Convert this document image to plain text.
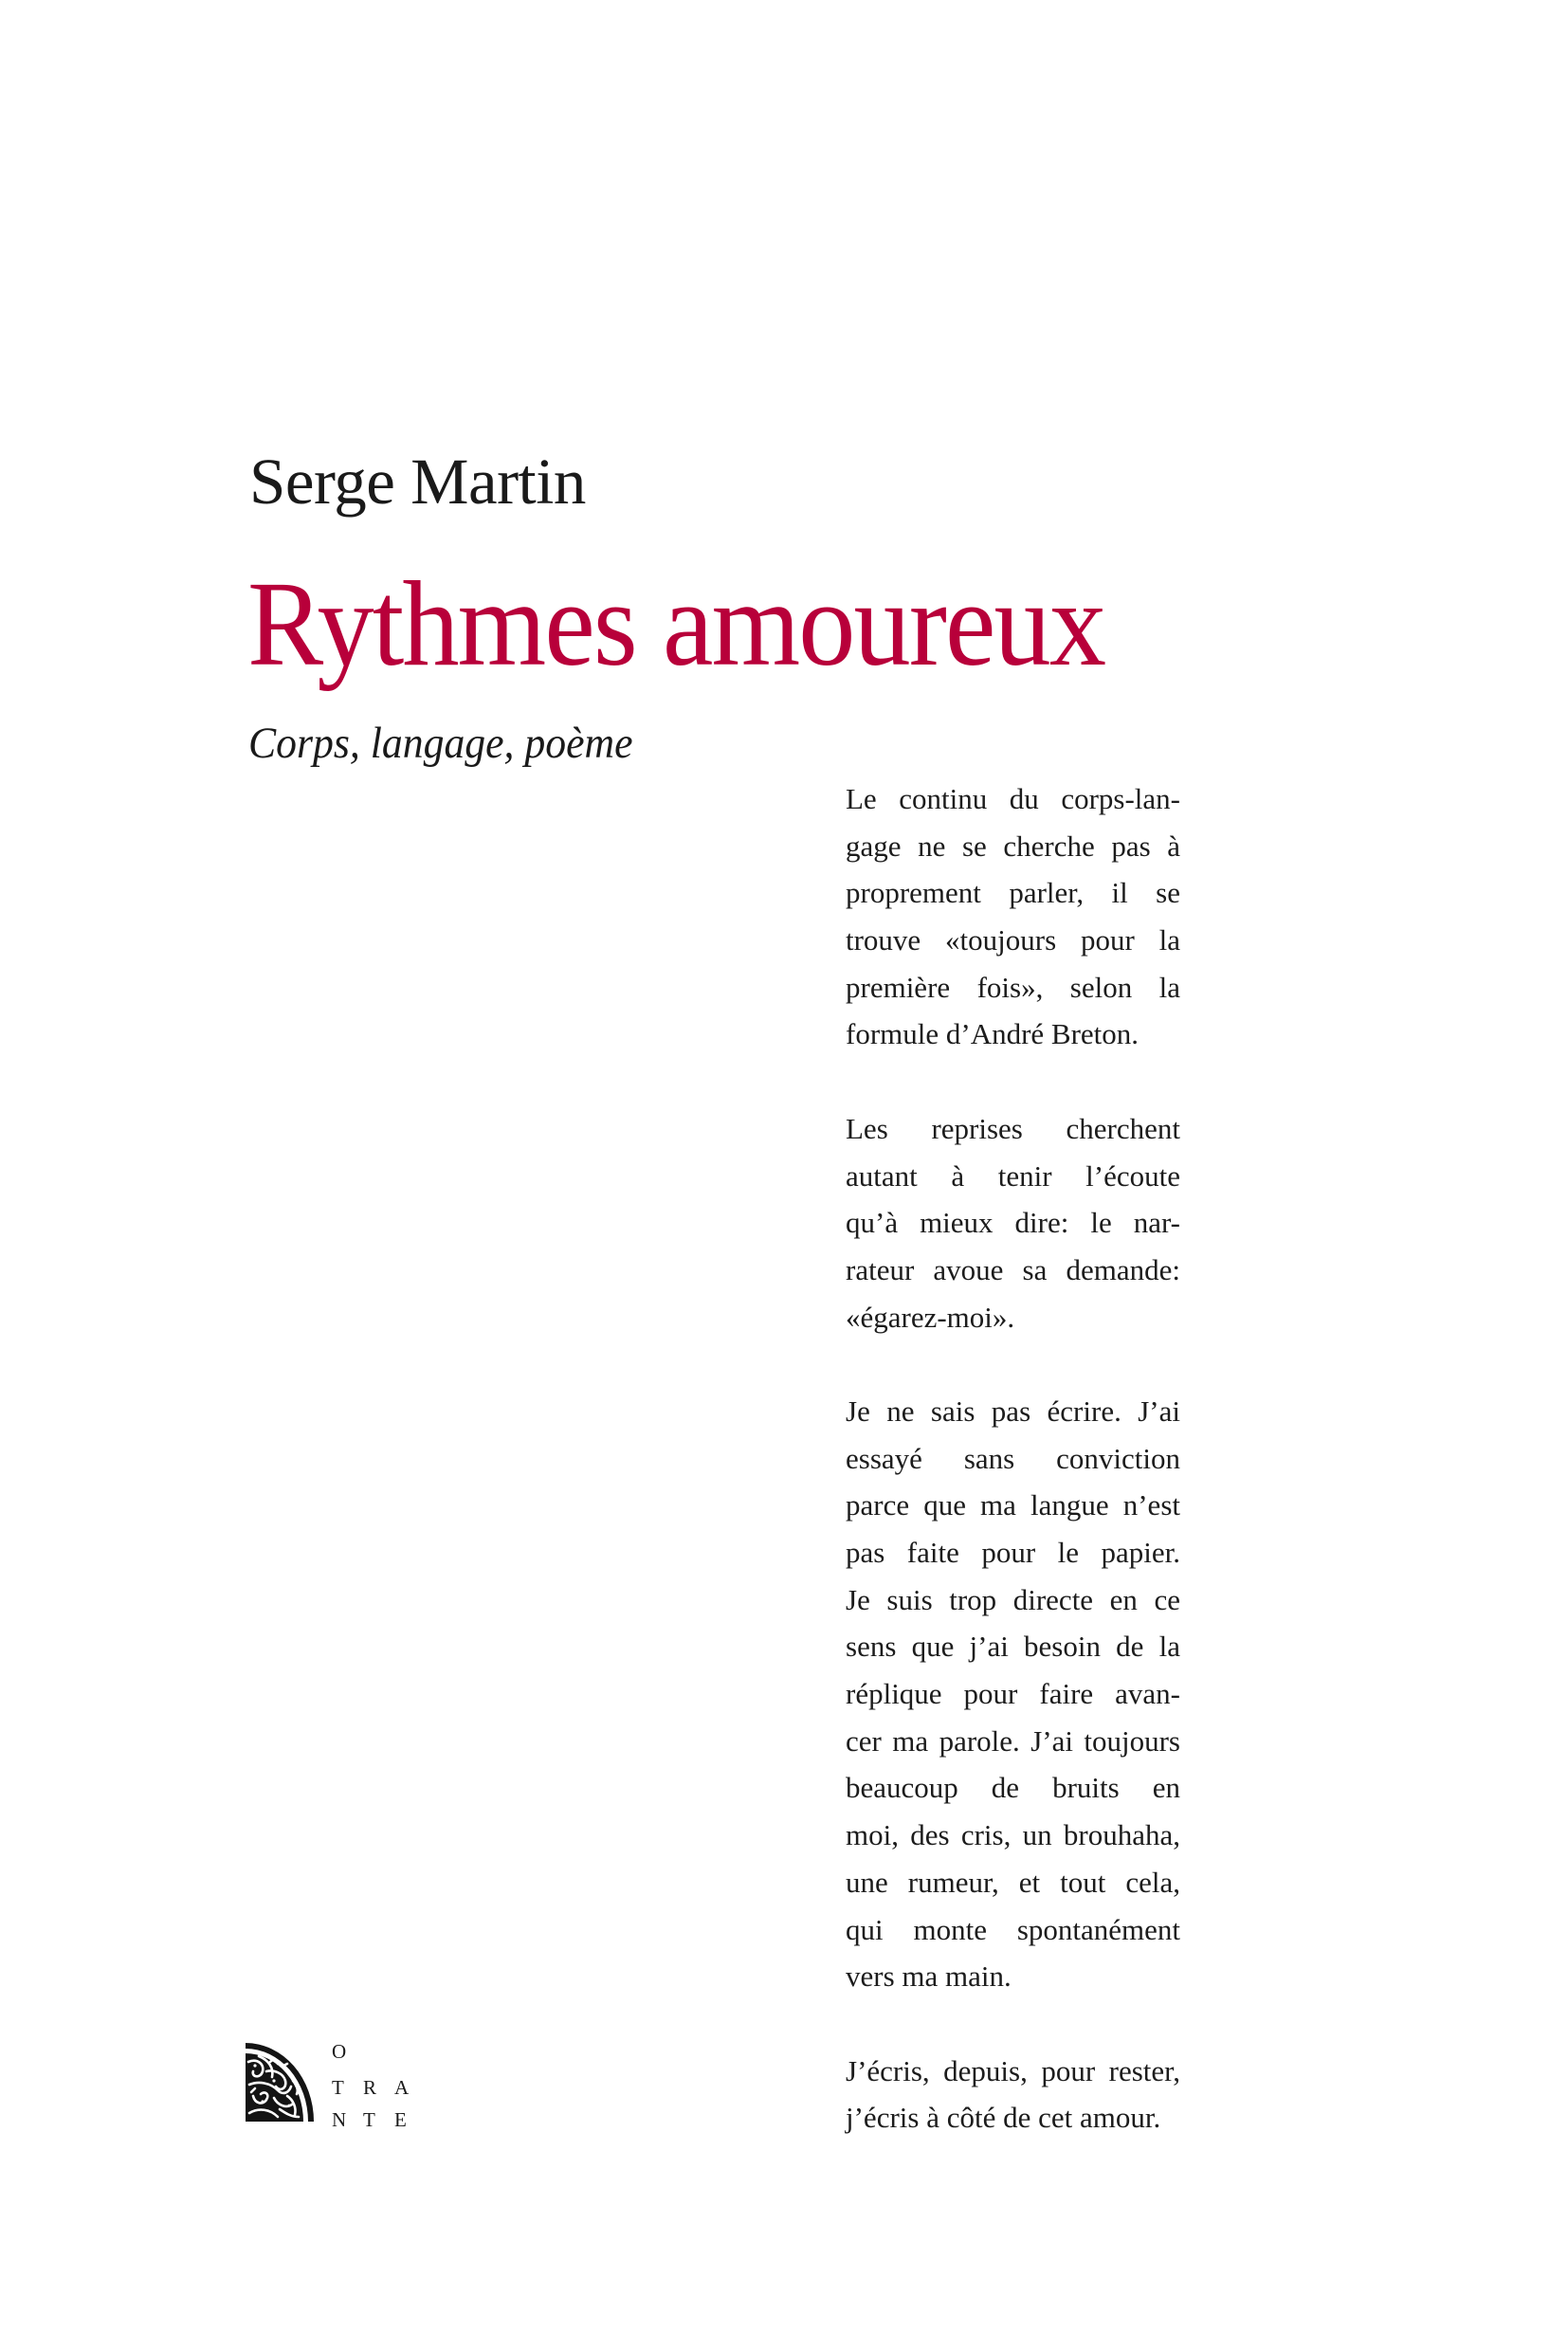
Serge Martin
Rythmes amoureux
Corps, langage, poème
Le continu du corps-lan-
gage ne se cherche pas à
proprement parler, il se
trouve «toujours pour la
première fois», selon la
formule d’André Breton.
Les reprises cherchent
autant à tenir l’écoute
qu’à mieux dire: le nar-
rateur avoue sa demande:
«égarez-moi».
Je ne sais pas écrire. J’ai
essayé sans conviction
parce que ma langue n’est
pas faite pour le papier.
Je suis trop directe en ce
sens que j’ai besoin de la
réplique pour faire avan-
cer ma parole. J’ai toujours
beaucoup de bruits en
moi, des cris, un brouhaha,
une rumeur, et tout cela,
qui monte spontanément
vers ma main.
J’écris, depuis, pour rester,
j’écris à côté de cet amour.
O
T R A
N T E
